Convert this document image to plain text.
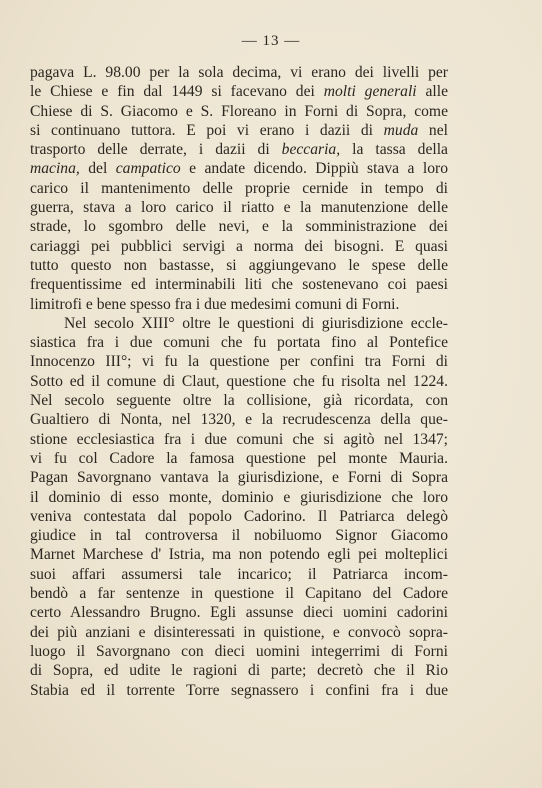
— 13 —
pagava L. 98.00 per la sola decima, vi erano dei livelli per
le Chiese e fin dal 1449 si facevano dei molti generali alle
Chiese di S. Giacomo e S. Floreano in Forni di Sopra, come
si continuano tuttora. E poi vi erano i dazii di muda nel
trasporto delle derrate, i dazii di beccaria, la tassa della
macina, del campatico e andate dicendo. Dippiù stava a loro
carico il mantenimento delle proprie cernide in tempo di
guerra, stava a loro carico il riatto e la manutenzione delle
strade, lo sgombro delle nevi, e la somministrazione dei
cariaggi pei pubblici servigi a norma dei bisogni. E quasi
tutto questo non bastasse, si aggiungevano le spese delle
frequentissime ed interminabili liti che sostenevano coi paesi
limitrofi e bene spesso fra i due medesimi comuni di Forni.
Nel secolo XIII° oltre le questioni di giurisdizione eccle-
siastica fra i due comuni che fu portata fino al Pontefice
Innocenzo III°; vi fu la questione per confini tra Forni di
Sotto ed il comune di Claut, questione che fu risolta nel 1224.
Nel secolo seguente oltre la collisione, già ricordata, con
Gualtiero di Nonta, nel 1320, e la recrudescenza della que-
stione ecclesiastica fra i due comuni che si agitò nel 1347;
vi fu col Cadore la famosa questione pel monte Mauria.
Pagan Savorgnano vantava la giurisdizione, e Forni di Sopra
il dominio di esso monte, dominio e giurisdizione che loro
veniva contestata dal popolo Cadorino. Il Patriarca delegò
giudice in tal controversa il nobiluomo Signor Giacomo
Marnet Marchese d' Istria, ma non potendo egli pei molteplici
suoi affari assumersi tale incarico; il Patriarca incom-
bendò a far sentenze in questione il Capitano del Cadore
certo Alessandro Brugno. Egli assunse dieci uomini cadorini
dei più anziani e disinteressati in quistione, e convocò sopra-
luogo il Savorgnano con dieci uomini integerrimi di Forni
di Sopra, ed udite le ragioni di parte; decretò che il Rio
Stabia ed il torrente Torre segnassero i confini fra i due
